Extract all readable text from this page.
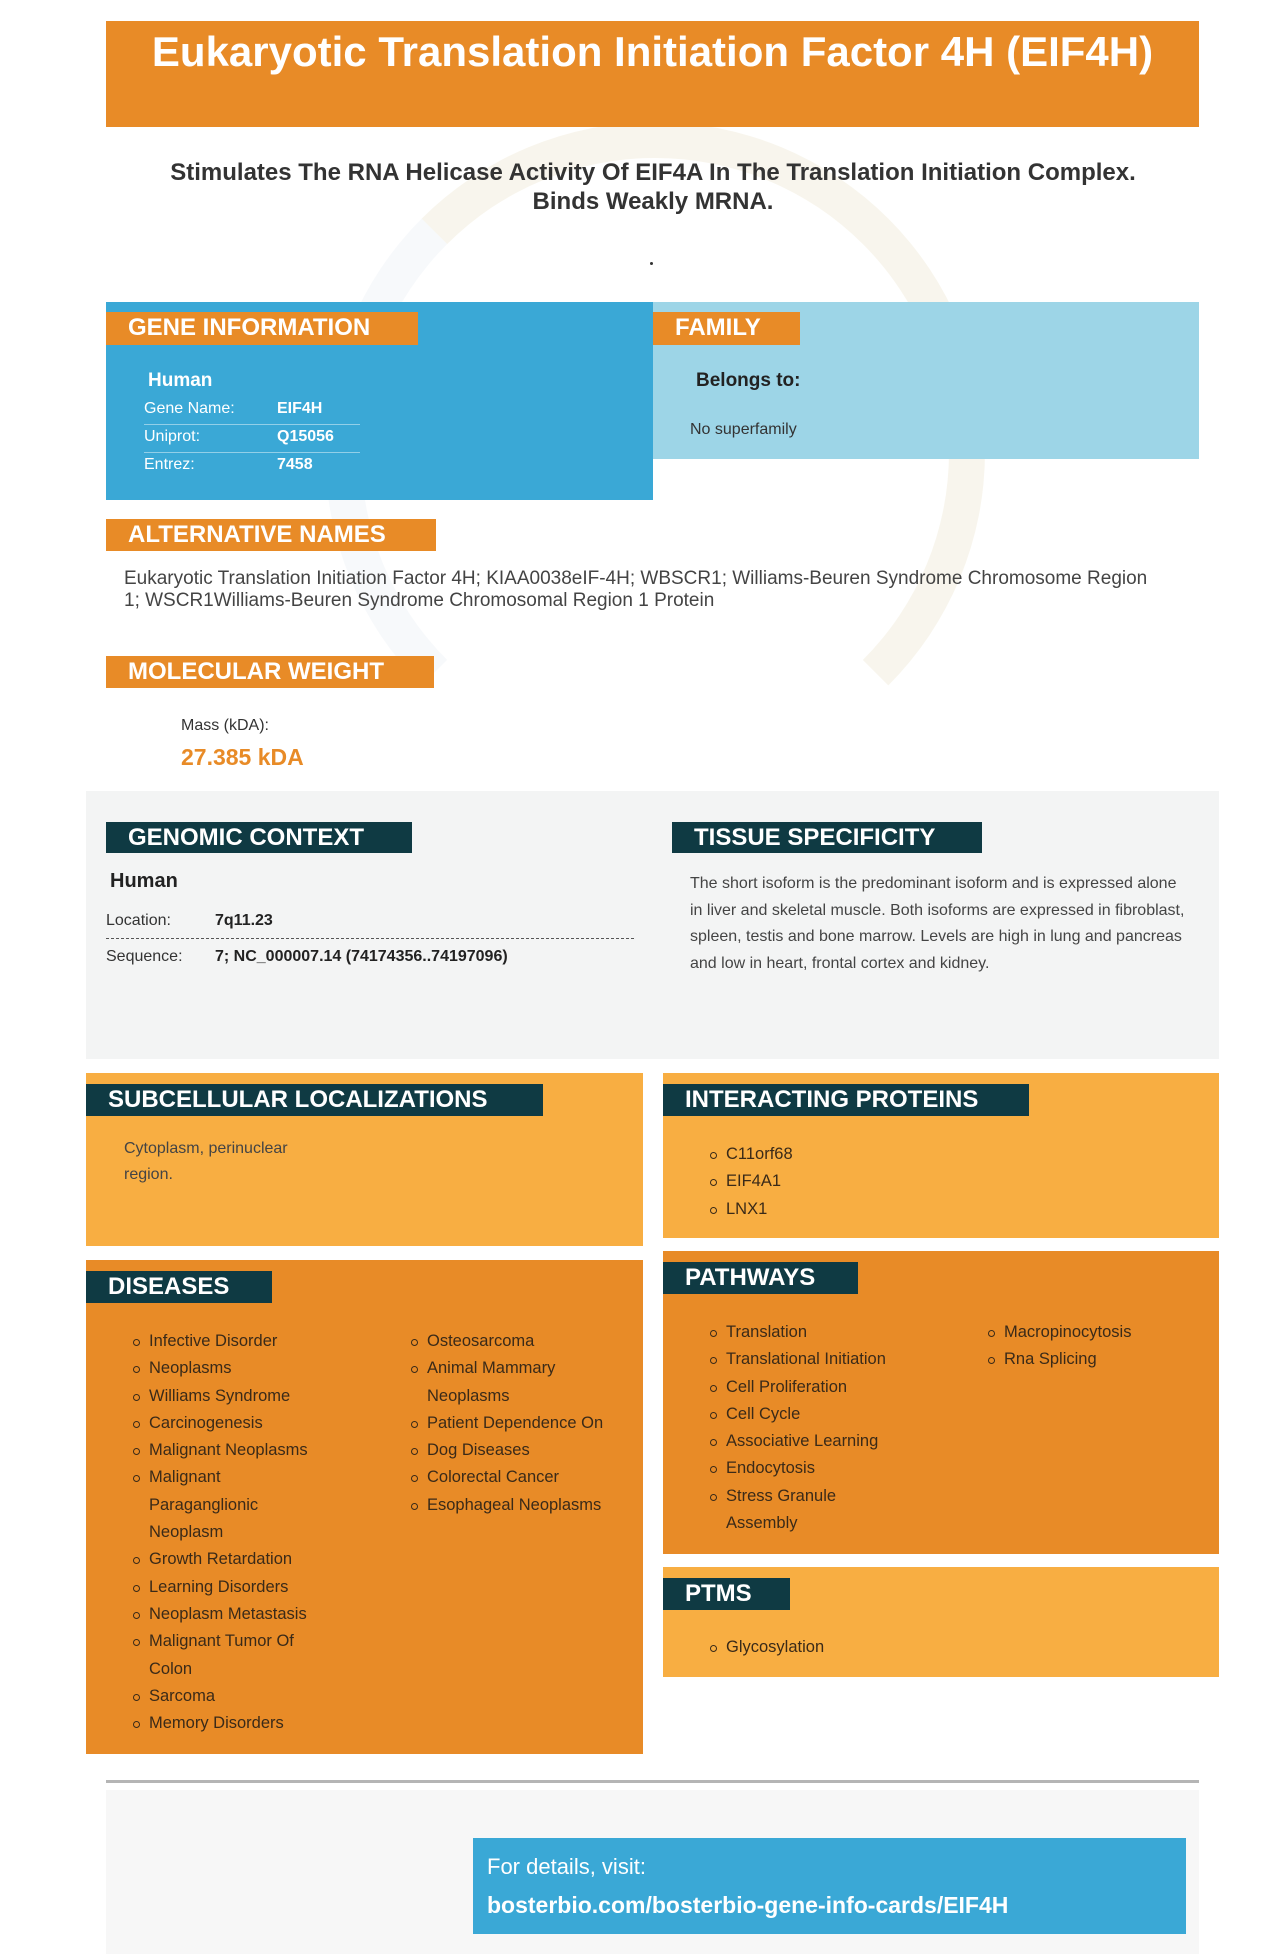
Eukaryotic Translation Initiation Factor 4H (EIF4H)
Stimulates The RNA Helicase Activity Of EIF4A In The Translation Initiation Complex. Binds Weakly MRNA.
GENE INFORMATION
Human
Gene Name:	EIF4H
Uniprot:	Q15056
Entrez:	7458
FAMILY
Belongs to:
No superfamily
ALTERNATIVE NAMES
Eukaryotic Translation Initiation Factor 4H; KIAA0038eIF-4H; WBSCR1; Williams-Beuren Syndrome Chromosome Region 1; WSCR1Williams-Beuren Syndrome Chromosomal Region 1 Protein
MOLECULAR WEIGHT
Mass (kDA):
27.385 kDA
GENOMIC CONTEXT
Human
Location:	7q11.23
Sequence: 7; NC_000007.14 (74174356..74197096)
TISSUE SPECIFICITY
The short isoform is the predominant isoform and is expressed alone in liver and skeletal muscle. Both isoforms are expressed in fibroblast, spleen, testis and bone marrow. Levels are high in lung and pancreas and low in heart, frontal cortex and kidney.
SUBCELLULAR LOCALIZATIONS
Cytoplasm, perinuclear region.
INTERACTING PROTEINS
C11orf68
EIF4A1
LNX1
DISEASES
Infective Disorder
Neoplasms
Williams Syndrome
Carcinogenesis
Malignant Neoplasms
Malignant Paraganglionic Neoplasm
Growth Retardation
Learning Disorders
Neoplasm Metastasis
Malignant Tumor Of Colon
Sarcoma
Memory Disorders
Osteosarcoma
Animal Mammary Neoplasms
Patient Dependence On
Dog Diseases
Colorectal Cancer
Esophageal Neoplasms
PATHWAYS
Translation
Translational Initiation
Cell Proliferation
Cell Cycle
Associative Learning
Endocytosis
Stress Granule Assembly
Macropinocytosis
Rna Splicing
PTMS
Glycosylation
For details, visit:
bosterbio.com/bosterbio-gene-info-cards/EIF4H
